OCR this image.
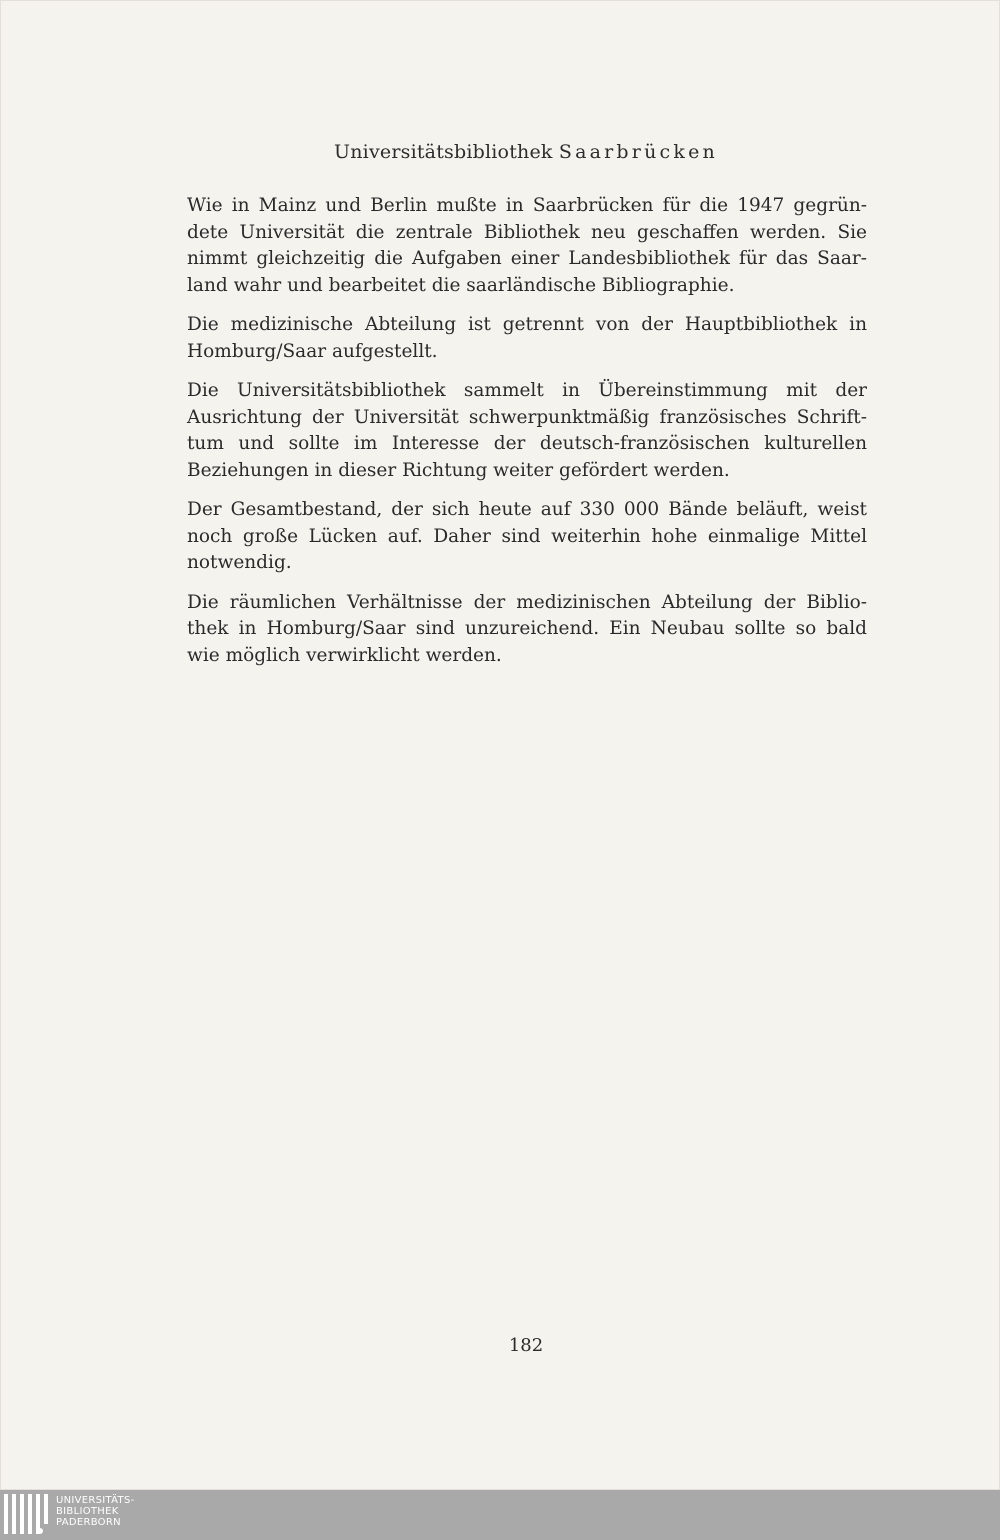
Universitätsbibliothek Saarbrücken

Wie in Mainz und Berlin mußte in Saarbrücken für die 1947 gegrün-
dete Universität die zentrale Bibliothek neu geschaffen werden. Sie
nimmt gleichzeitig die Aufgaben einer Landesbibliothek für das Saar-
land wahr und bearbeitet die saarländische Bibliographie.

Die medizinische Abteilung ist getrennt von der Hauptbibliothek in
Homburg/Saar aufgestellt.

Die Universitätsbibliothek sammelt in Übereinstimmung mit der
Ausrichtung der Universität schwerpunktmäßig französisches Schrift-
tum und sollte im Interesse der deutsch-französischen kulturellen
Beziehungen in dieser Richtung weiter gefördert werden.

Der Gesamtbestand, der sich heute auf 330 000 Bände beläuft, weist
noch große Lücken auf. Daher sind weiterhin hohe einmalige Mittel
notwendig.

Die räumlichen Verhältnisse der medizinischen Abteilung der Biblio-
thek in Homburg/Saar sind unzureichend. Ein Neubau sollte so bald
wie möglich verwirklicht werden.

182
UNIVERSITÄTS-
BIBLIOTHEK
PADERBORN
